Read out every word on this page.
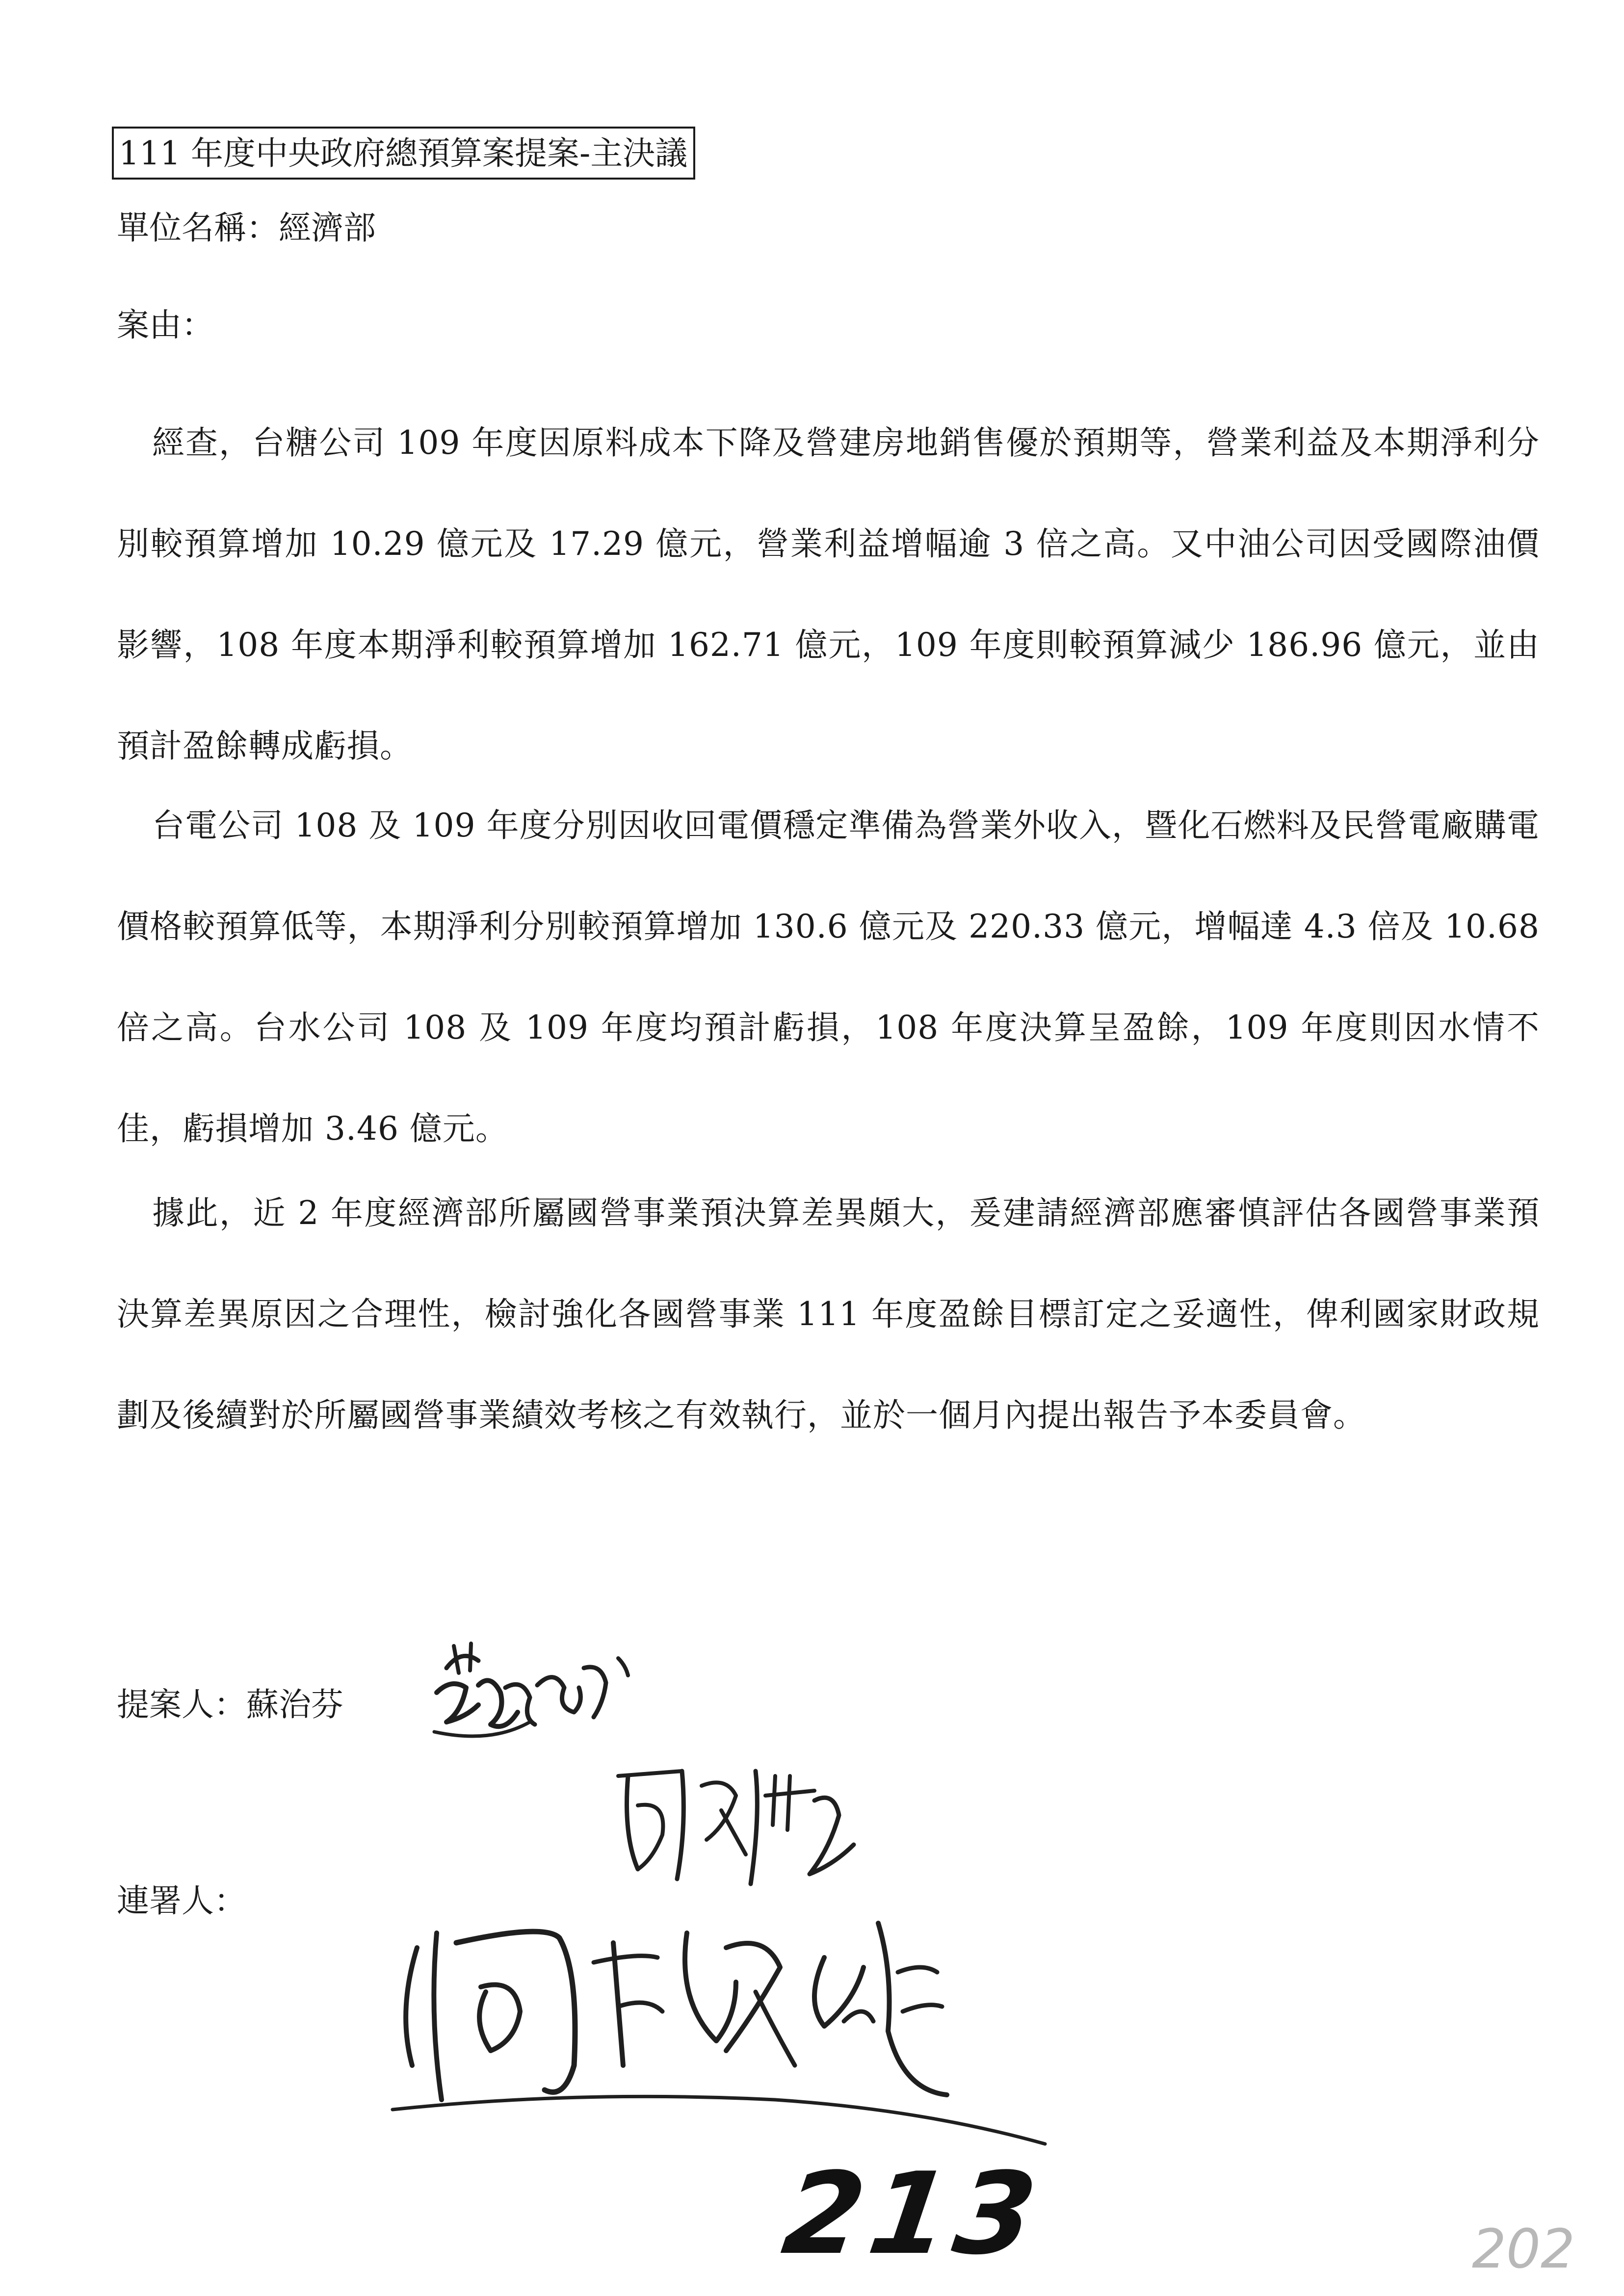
111 年度中央政府總預算案提案-主決議
單位名稱：經濟部
案由：
經查，台糖公司 109 年度因原料成本下降及營建房地銷售優於預期等，營業利益及本期淨利分別較預算增加 10.29 億元及 17.29 億元，營業利益增幅逾 3 倍之高。又中油公司因受國際油價影響，108 年度本期淨利較預算增加 162.71 億元，109 年度則較預算減少 186.96 億元，並由預計盈餘轉成虧損。
台電公司 108 及 109 年度分別因收回電價穩定準備為營業外收入，暨化石燃料及民營電廠購電價格較預算低等，本期淨利分別較預算增加 130.6 億元及 220.33 億元，增幅達 4.3 倍及 10.68 倍之高。台水公司 108 及 109 年度均預計虧損，108 年度決算呈盈餘，109 年度則因水情不佳，虧損增加 3.46 億元。
據此，近 2 年度經濟部所屬國營事業預決算差異頗大，爰建請經濟部應審慎評估各國營事業預決算差異原因之合理性，檢討強化各國營事業 111 年度盈餘目標訂定之妥適性，俾利國家財政規劃及後續對於所屬國營事業績效考核之有效執行，並於一個月內提出報告予本委員會。
提案人：蘇治芬
連署人：
213	202
